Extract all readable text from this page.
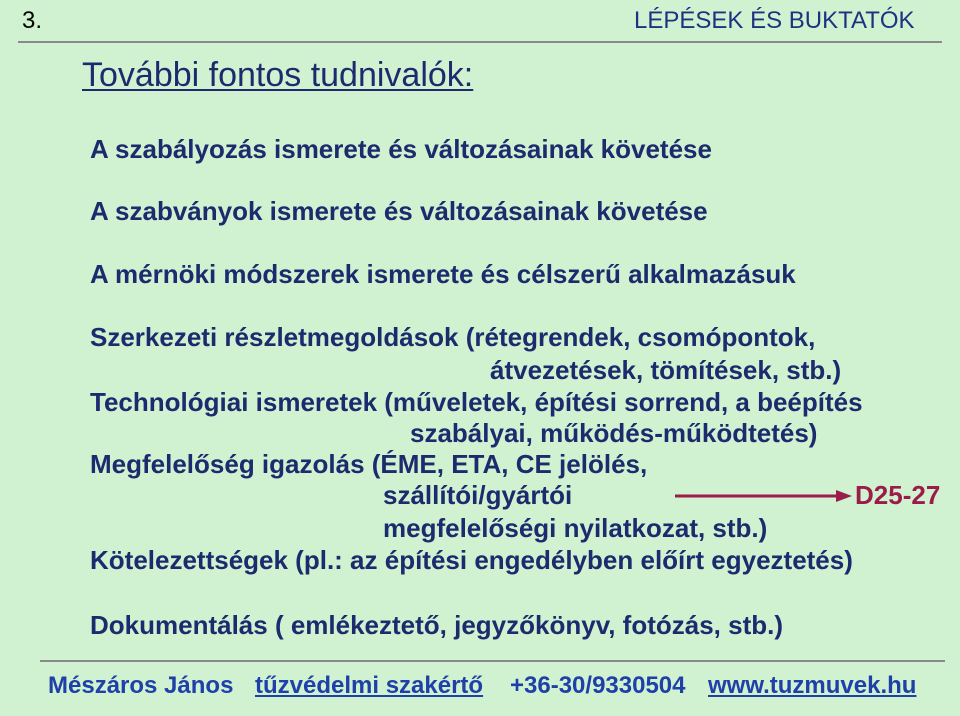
3.	LÉPÉSEK ÉS BUKTATÓK
További fontos tudnivalók:
A szabályozás ismerete és változásainak követése
A szabványok ismerete és változásainak követése
A mérnöki módszerek ismerete és célszerű alkalmazásuk
Szerkezeti részletmegoldások (rétegrendek, csomópontok,
átvezetések, tömítések, stb.)
Technológiai ismeretek (műveletek, építési sorrend, a beépítés
szabályai, működés-működtetés)
Megfelelőség igazolás (ÉME, ETA, CE jelölés,
szállítói/gyártói
megfelelőségi nyilatkozat, stb.)
D25-27
Kötelezettségek (pl.: az építési engedélyben előírt egyeztetés)
Dokumentálás ( emlékeztető, jegyzőkönyv, fotózás, stb.)
Mészáros János tűzvédelmi szakértő +36-30/9330504 www.tuzmuvek.hu
